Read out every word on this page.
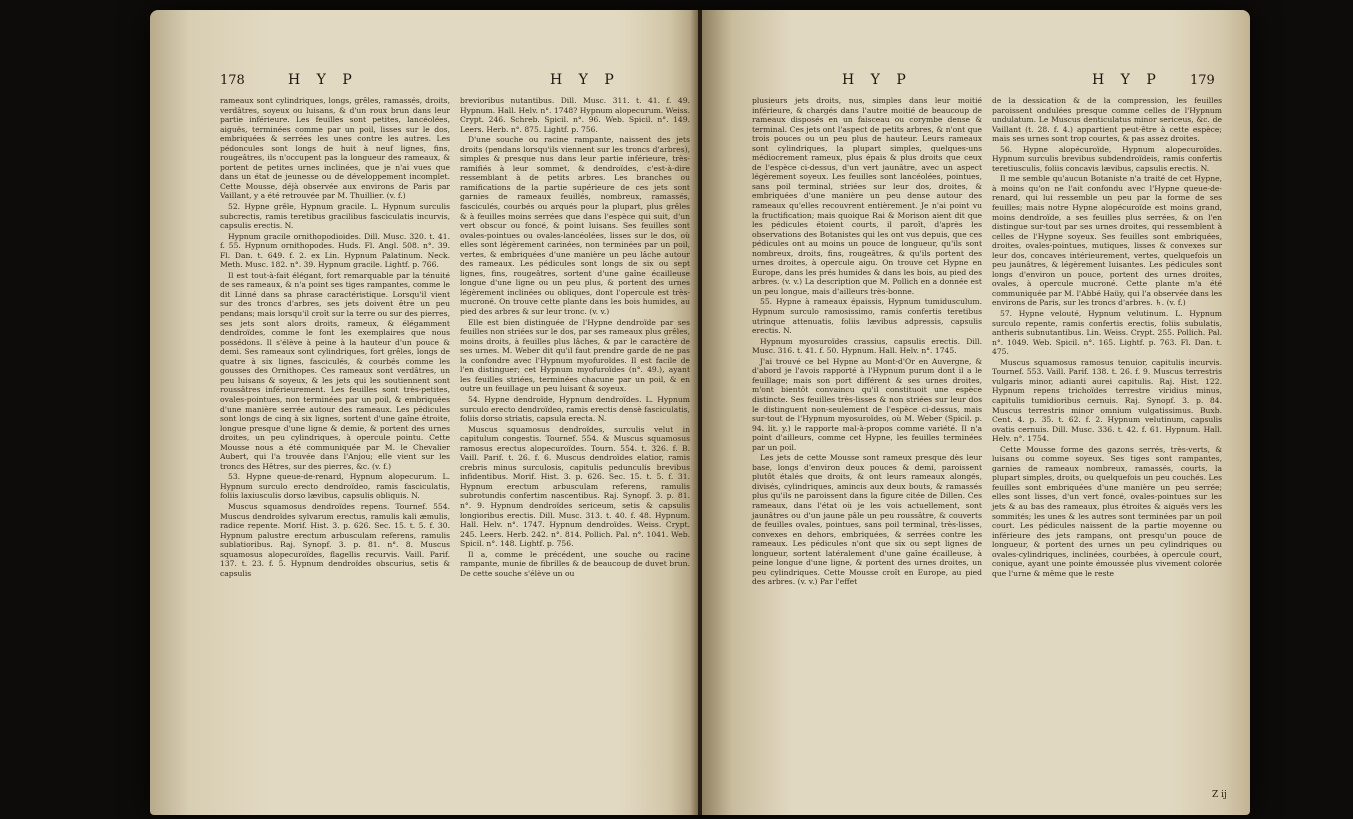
178	H Y P	H Y P

rameaux sont cylindriques, longs, grêles, ramassés, droits, verdâtres, soyeux ou luisans, & d'un roux brun dans leur partie inférieure. Les feuilles sont petites, lancéolées, aiguës, terminées comme par un poil, lisses sur le dos, embriquées & serrées les unes contre les autres. Les pédoncules sont longs de huit à neuf lignes, fins, rougeâtres, ils n'occupent pas la longueur des rameaux, & portent de petites urnes inclinées, que je n'ai vues que dans un état de jeunesse ou de développement incomplet. Cette Mousse, déjà observée aux environs de Paris par Vaillant, y a été retrouvée par M. Thuillier. (v. f.)

52. Hypne grêle, Hypnum gracile. L. Hypnum surculis subcrectis, ramis teretibus gracilibus fasciculatis incurvis, capsulis erectis. N.

Hypnum gracile ornithopodioides. Dill. Musc. 320. t. 41. f. 55. Hypnum ornithopodes. Huds. Fl. Angl. 508. n°. 39. Fl. Dan. t. 649. f. 2. ex Lin. Hypnum Palatinum. Neck. Meth. Musc. 182. n°. 39. Hypnum gracile. Lightf. p. 766.

Il est tout-à-fait élégant, fort remarquable par la ténuité de ses rameaux, & n'a point ses tiges rampantes, comme le dit Linné dans sa phrase caractéristique. Lorsqu'il vient sur des troncs d'arbres, ses jets doivent être un peu pendans; mais lorsqu'il croît sur la terre ou sur des pierres, ses jets sont alors droits, rameux, & élégamment dendroïdes, comme le font les exemplaires que nous possédons. Il s'élève à peine à la hauteur d'un pouce & demi. Ses rameaux sont cylindriques, fort grêles, longs de quatre à six lignes, fasciculés, & courbés comme les gousses des Ornithopes. Ces rameaux sont verdâtres, un peu luisans & soyeux, & les jets qui les soutiennent sont roussâtres inférieurement. Les feuilles sont très-petites, ovales-pointues, non terminées par un poil, & embriquées d'une manière serrée autour des rameaux. Les pédicules sont longs de cinq à six lignes, sortent d'une gaîne étroite, longue presque d'une ligne & demie, & portent des urnes droites, un peu cylindriques, à opercule pointu. Cette Mousse nous a été communiquée par M. le Chevalier Aubert, qui l'a trouvée dans l'Anjou; elle vient sur les troncs des Hêtres, sur des pierres, &c. (v. f.)

53. Hypne queue-de-renard, Hypnum alopecurum. L. Hypnum surculo erecto dendroïdeo, ramis fasciculatis, foliis laxiusculis dorso lævibus, capsulis obliquis. N.

Muscus squamosus dendroïdes repens. Tournef. 554. Muscus dendroïdes sylvarum erectus, ramulis kali æmulis, radice repente. Morif. Hist. 3. p. 626. Sec. 15. t. 5. f. 30. Hypnum palustre erectum arbusculam referens, ramulis sublatioribus. Raj. Synopf. 3. p. 81. n°. 8. Muscus squamosus alopecuroïdes, flagellis recurvis. Vaill. Parif. 137. t. 23. f. 5. Hypnum dendroïdes obscurius, setis & capsulis

brevioribus nutantibus. Dill. Musc. 311. t. 41. f. 49. Hypnum. Hall. Helv. n°. 1748? Hypnum alopecurum. Weiss. Crypt. 246. Schreb. Spicil. n°. 96. Web. Spicil. n°. 149. Leers. Herb. n°. 875. Lightf. p. 756.

D'une souche ou racine rampante, naissent des jets droits (pendans lorsqu'ils viennent sur les troncs d'arbres), simples & presque nus dans leur partie inférieure, très-ramifiés à leur sommet, & dendroïdes, c'est-à-dire ressemblant à de petits arbres. Les branches ou ramifications de la partie supérieure de ces jets sont garnies de rameaux feuillés, nombreux, ramassés, fasciculés, courbés ou arqués pour la plupart, plus grêles & à feuilles moins serrées que dans l'espèce qui suit, d'un vert obscur ou foncé, & point luisans. Ses feuilles sont ovales-pointues ou ovales-lancéolées, lisses sur le dos, où elles sont légèrement carinées, non terminées par un poil, vertes, & embriquées d'une manière un peu lâche autour des rameaux. Les pédicules sont longs de six ou sept lignes, fins, rougeâtres, sortent d'une gaîne écailleuse longue d'une ligne ou un peu plus, & portent des urnes légèrement inclinées ou obliques, dont l'opercule est très-mucroné. On trouve cette plante dans les bois humides, au pied des arbres & sur leur tronc. (v. v.)

Elle est bien distinguée de l'Hypne dendroïde par ses feuilles non striées sur le dos, par ses rameaux plus grêles, moins droits, à feuilles plus lâches, & par le caractère de ses urnes. M. Weber dit qu'il faut prendre garde de ne pas la confondre avec l'Hypnum myofuroïdes. Il est facile de l'en distinguer; cet Hypnum myofuroïdes (n°. 49.), ayant les feuilles striées, terminées chacune par un poil, & en outre un feuillage un peu luisant & soyeux.

54. Hypne dendroïde, Hypnum dendroïdes. L. Hypnum surculo erecto dendroïdeo, ramis erectis densè fasciculatis, foliis dorso striatis, capsula erecta. N.

Muscus squamosus dendroïdes, surculis velut in capitulum congestis. Tournef. 554. & Muscus squamosus ramosus erectus alopecuroïdes. Tourn. 554. t. 326. f. B. Vaill. Parif. t. 26. f. 6. Muscus dendroïdes elatior, ramis crebris minus surculosis, capitulis pedunculis brevibus infidentibus. Morif. Hist. 3. p. 626. Sec. 15. t. 5. f. 31. Hypnum erectum arbusculam referens, ramulis subrotundis confertim nascentibus. Raj. Synopf. 3. p. 81. n°. 9. Hypnum dendroïdes sericeum, setis & capsulis longioribus erectis. Dill. Musc. 313. t. 40. f. 48. Hypnum. Hall. Helv. n°. 1747. Hypnum dendroïdes. Weiss. Crypt. 245. Leers. Herb. 242. n°. 814. Pollich. Pal. n°. 1041. Web. Spicil. n°. 148. Lightf. p. 756.

Il a, comme le précédent, une souche ou racine rampante, munie de fibrilles & de beaucoup de duvet brun. De cette souche s'élève un ou

H Y P	H Y P 179

plusieurs jets droits, nus, simples dans leur moitié inférieure, & chargés dans l'autre moitié de beaucoup de rameaux disposés en un faisceau ou corymbe dense & terminal. Ces jets ont l'aspect de petits arbres, & n'ont que trois pouces ou un peu plus de hauteur. Leurs rameaux sont cylindriques, la plupart simples, quelques-uns médiocrement rameux, plus épais & plus droits que ceux de l'espèce ci-dessus, d'un vert jaunâtre, avec un aspect légèrement soyeux. Les feuilles sont lancéolées, pointues, sans poil terminal, striées sur leur dos, droites, & embriquées d'une manière un peu dense autour des rameaux qu'elles recouvrent entièrement. Je n'ai point vu la fructification; mais quoique Rai & Morison aient dit que les pédicules étoient courts, il paroît, d'après les observations des Botanistes qui les ont vus depuis, que ces pédicules ont au moins un pouce de longueur, qu'ils sont nombreux, droits, fins, rougeâtres, & qu'ils portent des urnes droites, à opercule aigu. On trouve cet Hypne en Europe, dans les prés humides & dans les bois, au pied des arbres. (v. v.) La description que M. Pollich en a donnée est un peu longue, mais d'ailleurs très-bonne.

55. Hypne à rameaux épaissis, Hypnum tumidusculum. Hypnum surculo ramosissimo, ramis confertis teretibus utrinque attenuatis, foliis lævibus adpressis, capsulis erectis. N.

Hypnum myosuroïdes crassius, capsulis erectis. Dill. Musc. 316. t. 41. f. 50. Hypnum. Hall. Helv. n°. 1745.

J'ai trouvé ce bel Hypne au Mont-d'Or en Auvergne, & d'abord je l'avois rapporté à l'Hypnum purum dont il a le feuillage; mais son port différent & ses urnes droites, m'ont bientôt convaincu qu'il constituoit une espèce distincte. Ses feuilles très-lisses & non striées sur leur dos le distinguent non-seulement de l'espèce ci-dessus, mais sur-tout de l'Hypnum myosuroïdes, où M. Weber (Spicil. p. 94. lit. y.) le rapporte mal-à-propos comme variété. Il n'a point d'ailleurs, comme cet Hypne, les feuilles terminées par un poil.

Les jets de cette Mousse sont rameux presque dès leur base, longs d'environ deux pouces & demi, paroissent plutôt étalés que droits, & ont leurs rameaux alongés, divisés, cylindriques, amincis aux deux bouts, & ramassés plus qu'ils ne paroissent dans la figure citée de Dillen. Ces rameaux, dans l'état où je les vois actuellement, sont jaunâtres ou d'un jaune pâle un peu roussâtre, & couverts de feuilles ovales, pointues, sans poil terminal, très-lisses, convexes en dehors, embriquées, & serrées contre les rameaux. Les pédicules n'ont que six ou sept lignes de longueur, sortent latéralement d'une gaîne écailleuse, à peine longue d'une ligne, & portent des urnes droites, un peu cylindriques. Cette Mousse croît en Europe, au pied des arbres. (v. v.) Par l'effet

de la dessication & de la compression, les feuilles paroissent ondulées presque comme celles de l'Hypnum undulatum. Le Muscus denticulatus minor sericeus, &c. de Vaillant (t. 28. f. 4.) appartient peut-être à cette espèce; mais ses urnes sont trop courtes, & pas assez droites.

56. Hypne alopécuroïde, Hypnum alopecuroïdes. Hypnum surculis brevibus subdendroïdeis, ramis confertis teretiusculis, foliis concavis lævibus, capsulis erectis. N.

Il me semble qu'aucun Botaniste n'a traité de cet Hypne, à moins qu'on ne l'ait confondu avec l'Hypne queue-de-renard, qui lui ressemble un peu par la forme de ses feuilles; mais notre Hypne alopécuroïde est moins grand, moins dendroïde, a ses feuilles plus serrées, & on l'en distingue sur-tout par ses urnes droites, qui ressemblent à celles de l'Hypne soyeux. Ses feuilles sont embriquées, droites, ovales-pointues, mutiques, lisses & convexes sur leur dos, concaves intérieurement, vertes, quelquefois un peu jaunâtres, & légèrement luisantes. Les pédicules sont longs d'environ un pouce, portent des urnes droites, ovales, à opercule mucroné. Cette plante m'a été communiquée par M. l'Abbé Haüy, qui l'a observée dans les environs de Paris, sur les troncs d'arbres. ♄. (v. f.)

57. Hypne velouté, Hypnum velutinum. L. Hypnum surculo repente, ramis confertis erectis, foliis subulatis, antheris subnutantibus. Lin. Weiss. Crypt. 255. Pollich. Pal. n°. 1049. Web. Spicil. n°. 165. Lightf. p. 763. Fl. Dan. t. 475.

Muscus squamosus ramosus tenuior, capitulis incurvis. Tournef. 553. Vaill. Parif. 138. t. 26. f. 9. Muscus terrestris vulgaris minor, adianti aurei capitulis. Raj. Hist. 122. Hypnum repens trichoïdes terrestre viridius minus, capitulis tumidioribus cernuis. Raj. Synopf. 3. p. 84. Muscus terrestris minor omnium vulgatissimus. Buxb. Cent. 4. p. 35. t. 62. f. 2. Hypnum velutinum, capsulis ovatis cernuis. Dill. Musc. 336. t. 42. f. 61. Hypnum. Hall. Helv. n°. 1754.

Cette Mousse forme des gazons serrés, très-verts, & luisans ou comme soyeux. Ses tiges sont rampantes, garnies de rameaux nombreux, ramassés, courts, la plupart simples, droits, ou quelquefois un peu couchés. Les feuilles sont embriquées d'une manière un peu serrée; elles sont lisses, d'un vert foncé, ovales-pointues sur les jets & au bas des rameaux, plus étroites & aiguës vers les sommités; les unes & les autres sont terminées par un poil court. Les pédicules naissent de la partie moyenne ou inférieure des jets rampans, ont presqu'un pouce de longueur, & portent des urnes un peu cylindriques ou ovales-cylindriques, inclinées, courbées, à opercule court, conique, ayant une pointe émoussée plus vivement colorée que l'urne & même que le reste

Z ij
